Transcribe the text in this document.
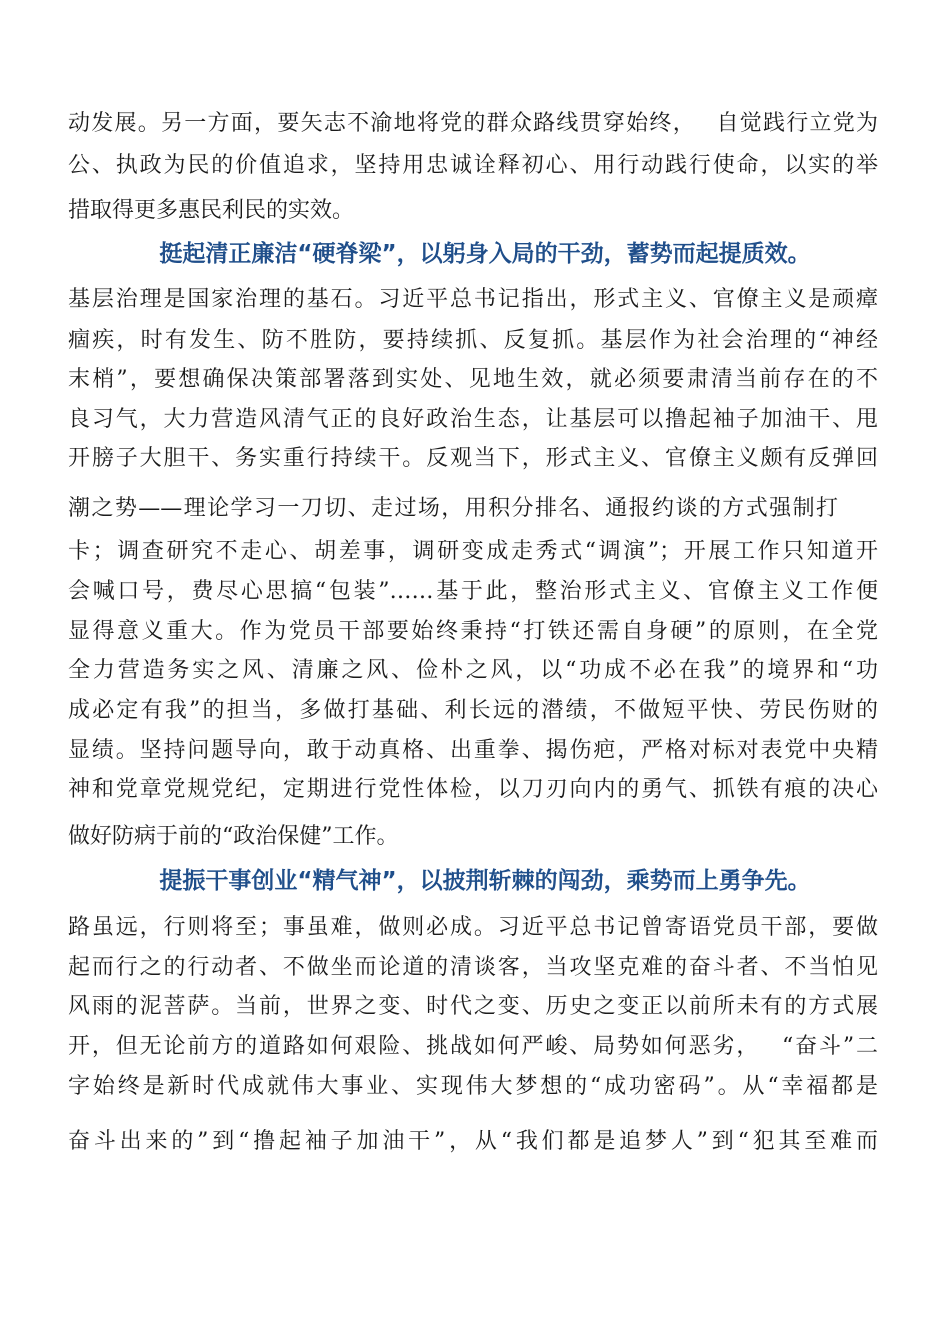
动发展。另一方面，要矢志不渝地将党的群众路线贯穿始终，　 自觉践行立党为
公、执政为民的价值追求，坚持用忠诚诠释初心、用行动践行使命，以实的举
措取得更多惠民利民的实效。
挺起清正廉洁“硬脊梁”，以躬身入局的干劲，蓄势而起提质效。
基层治理是国家治理的基石。习近平总书记指出，形式主义、官僚主义是顽瘴
痼疾，时有发生、防不胜防，要持续抓、反复抓。基层作为社会治理的“神经
末梢”，要想确保决策部署落到实处、见地生效，就必须要肃清当前存在的不
良习气，大力营造风清气正的良好政治生态，让基层可以撸起袖子加油干、甩
开膀子大胆干、务实重行持续干。反观当下，形式主义、官僚主义颇有反弹回
潮之势——理论学习一刀切、走过场，用积分排名、通报约谈的方式强制打
卡；调查研究不走心、胡差事，调研变成走秀式“调演”；开展工作只知道开
会喊口号，费尽心思搞“包装”……基于此，整治形式主义、官僚主义工作便
显得意义重大。作为党员干部要始终秉持“打铁还需自身硬”的原则，在全党
全力营造务实之风、清廉之风、俭朴之风，以“功成不必在我”的境界和“功
成必定有我”的担当，多做打基础、利长远的潜绩，不做短平快、劳民伤财的
显绩。坚持问题导向，敢于动真格、出重拳、揭伤疤，严格对标对表党中央精
神和党章党规党纪，定期进行党性体检，以刀刃向内的勇气、抓铁有痕的决心
做好防病于前的“政治保健”工作。
提振干事创业“精气神”，以披荆斩棘的闯劲，乘势而上勇争先。
路虽远，行则将至；事虽难，做则必成。习近平总书记曾寄语党员干部，要做
起而行之的行动者、不做坐而论道的清谈客，当攻坚克难的奋斗者、不当怕见
风雨的泥菩萨。当前，世界之变、时代之变、历史之变正以前所未有的方式展
开，但无论前方的道路如何艰险、挑战如何严峻、局势如何恶劣，　 “奋斗”二
字始终是新时代成就伟大事业、实现伟大梦想的“成功密码”。从“幸福都是
奋斗出来的”到“撸起袖子加油干”，从“我们都是追梦人”到“犯其至难而
